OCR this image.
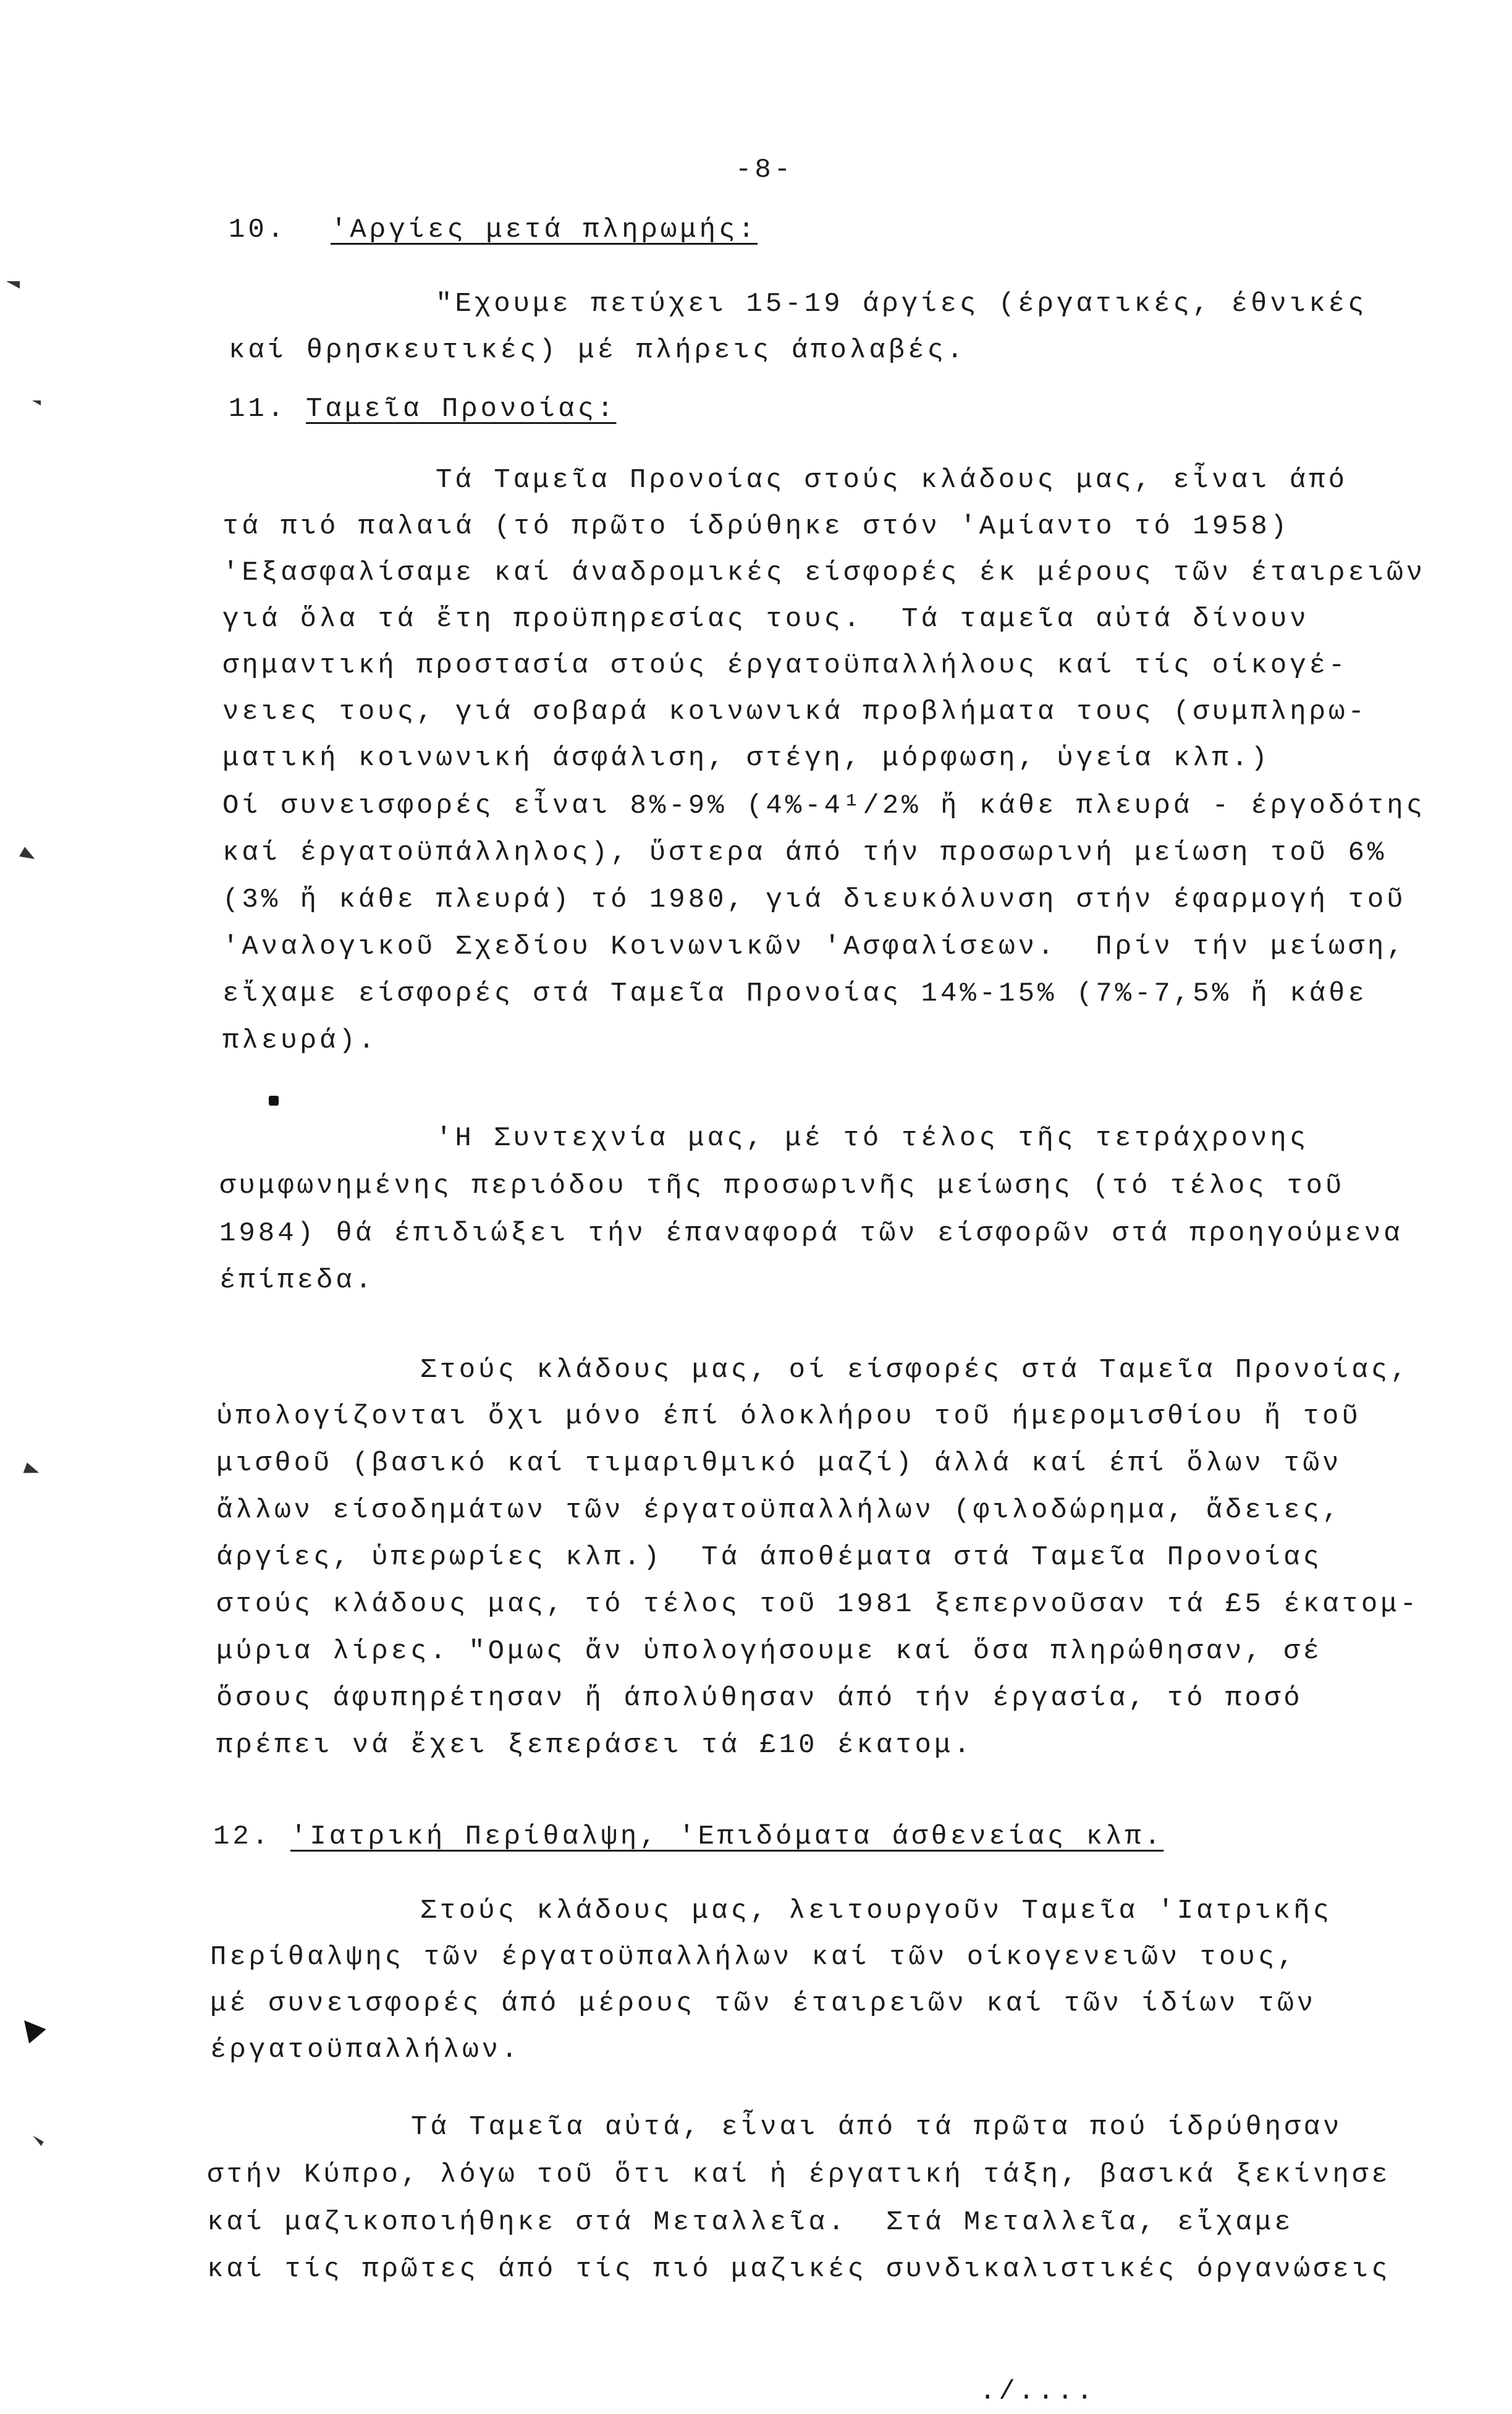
-8-
10. 'Αργίες μετά πληρωμής:
"Εχουμε πετύχει 15-19 άργίες (έργατικές, έθνικές
καί θρησκευτικές) μέ πλήρεις άπολαβές.
11. Ταμεῖα Προνοίας:
Τά Ταμεῖα Προνοίας στούς κλάδους μας, εἶναι άπό
τά πιό παλαιά (τό πρῶτο ίδρύθηκε στόν 'Αμίαντο τό 1958)
'Εξασφαλίσαμε καί άναδρομικές είσφορές έκ μέρους τῶν έταιρειῶν
γιά ὅλα τά ἔτη προϋπηρεσίας τους.  Τά ταμεῖα αὐτά δίνουν
σημαντική προστασία στούς έργατοϋπαλλήλους καί τίς οίκογέ-
νειες τους, γιά σοβαρά κοινωνικά προβλήματα τους (συμπληρω-
ματική κοινωνική άσφάλιση, στέγη, μόρφωση, ὑγεία κλπ.)
Οί συνεισφορές εἶναι 8%-9% (4%-4¹/2% ἤ κάθε πλευρά - έργοδότης
καί έργατοϋπάλληλος), ὕστερα άπό τήν προσωρινή μείωση τοῦ 6%
(3% ἤ κάθε πλευρά) τό 1980, γιά διευκόλυνση στήν έφαρμογή τοῦ
'Αναλογικοῦ Σχεδίου Κοινωνικῶν 'Ασφαλίσεων.  Πρίν τήν μείωση,
εἴχαμε είσφορές στά Ταμεῖα Προνοίας 14%-15% (7%-7,5% ἤ κάθε
πλευρά).
'Η Συντεχνία μας, μέ τό τέλος τῆς τετράχρονης
συμφωνημένης περιόδου τῆς προσωρινῆς μείωσης (τό τέλος τοῦ
1984) θά έπιδιώξει τήν έπαναφορά τῶν είσφορῶν στά προηγούμενα
έπίπεδα.
Στούς κλάδους μας, οί είσφορές στά Ταμεῖα Προνοίας,
ὑπολογίζονται ὄχι μόνο έπί όλοκλήρου τοῦ ήμερομισθίου ἤ τοῦ
μισθοῦ (βασικό καί τιμαριθμικό μαζί) άλλά καί έπί ὅλων τῶν
ἄλλων είσοδημάτων τῶν έργατοϋπαλλήλων (φιλοδώρημα, ἄδειες,
άργίες, ὑπερωρίες κλπ.)  Τά άποθέματα στά Ταμεῖα Προνοίας
στούς κλάδους μας, τό τέλος τοῦ 1981 ξεπερνοῦσαν τά £5 έκατομ-
μύρια λίρες. "Ομως ἄν ὑπολογήσουμε καί ὅσα πληρώθησαν, σέ
ὅσους άφυπηρέτησαν ἤ άπολύθησαν άπό τήν έργασία, τό ποσό
πρέπει νά ἔχει ξεπεράσει τά £10 έκατομ.
12. 'Ιατρική Περίθαλψη, 'Επιδόματα άσθενείας κλπ.
Στούς κλάδους μας, λειτουργοῦν Ταμεῖα 'Ιατρικῆς
Περίθαλψης τῶν έργατοϋπαλλήλων καί τῶν οίκογενειῶν τους,
μέ συνεισφορές άπό μέρους τῶν έταιρειῶν καί τῶν ίδίων τῶν
έργατοϋπαλλήλων.
Τά Ταμεῖα αὐτά, εἶναι άπό τά πρῶτα πού ίδρύθησαν
στήν Κύπρο, λόγω τοῦ ὅτι καί ἡ έργατική τάξη, βασικά ξεκίνησε
καί μαζικοποιήθηκε στά Μεταλλεῖα.  Στά Μεταλλεῖα, εἴχαμε
καί τίς πρῶτες άπό τίς πιό μαζικές συνδικαλιστικές όργανώσεις
./....
